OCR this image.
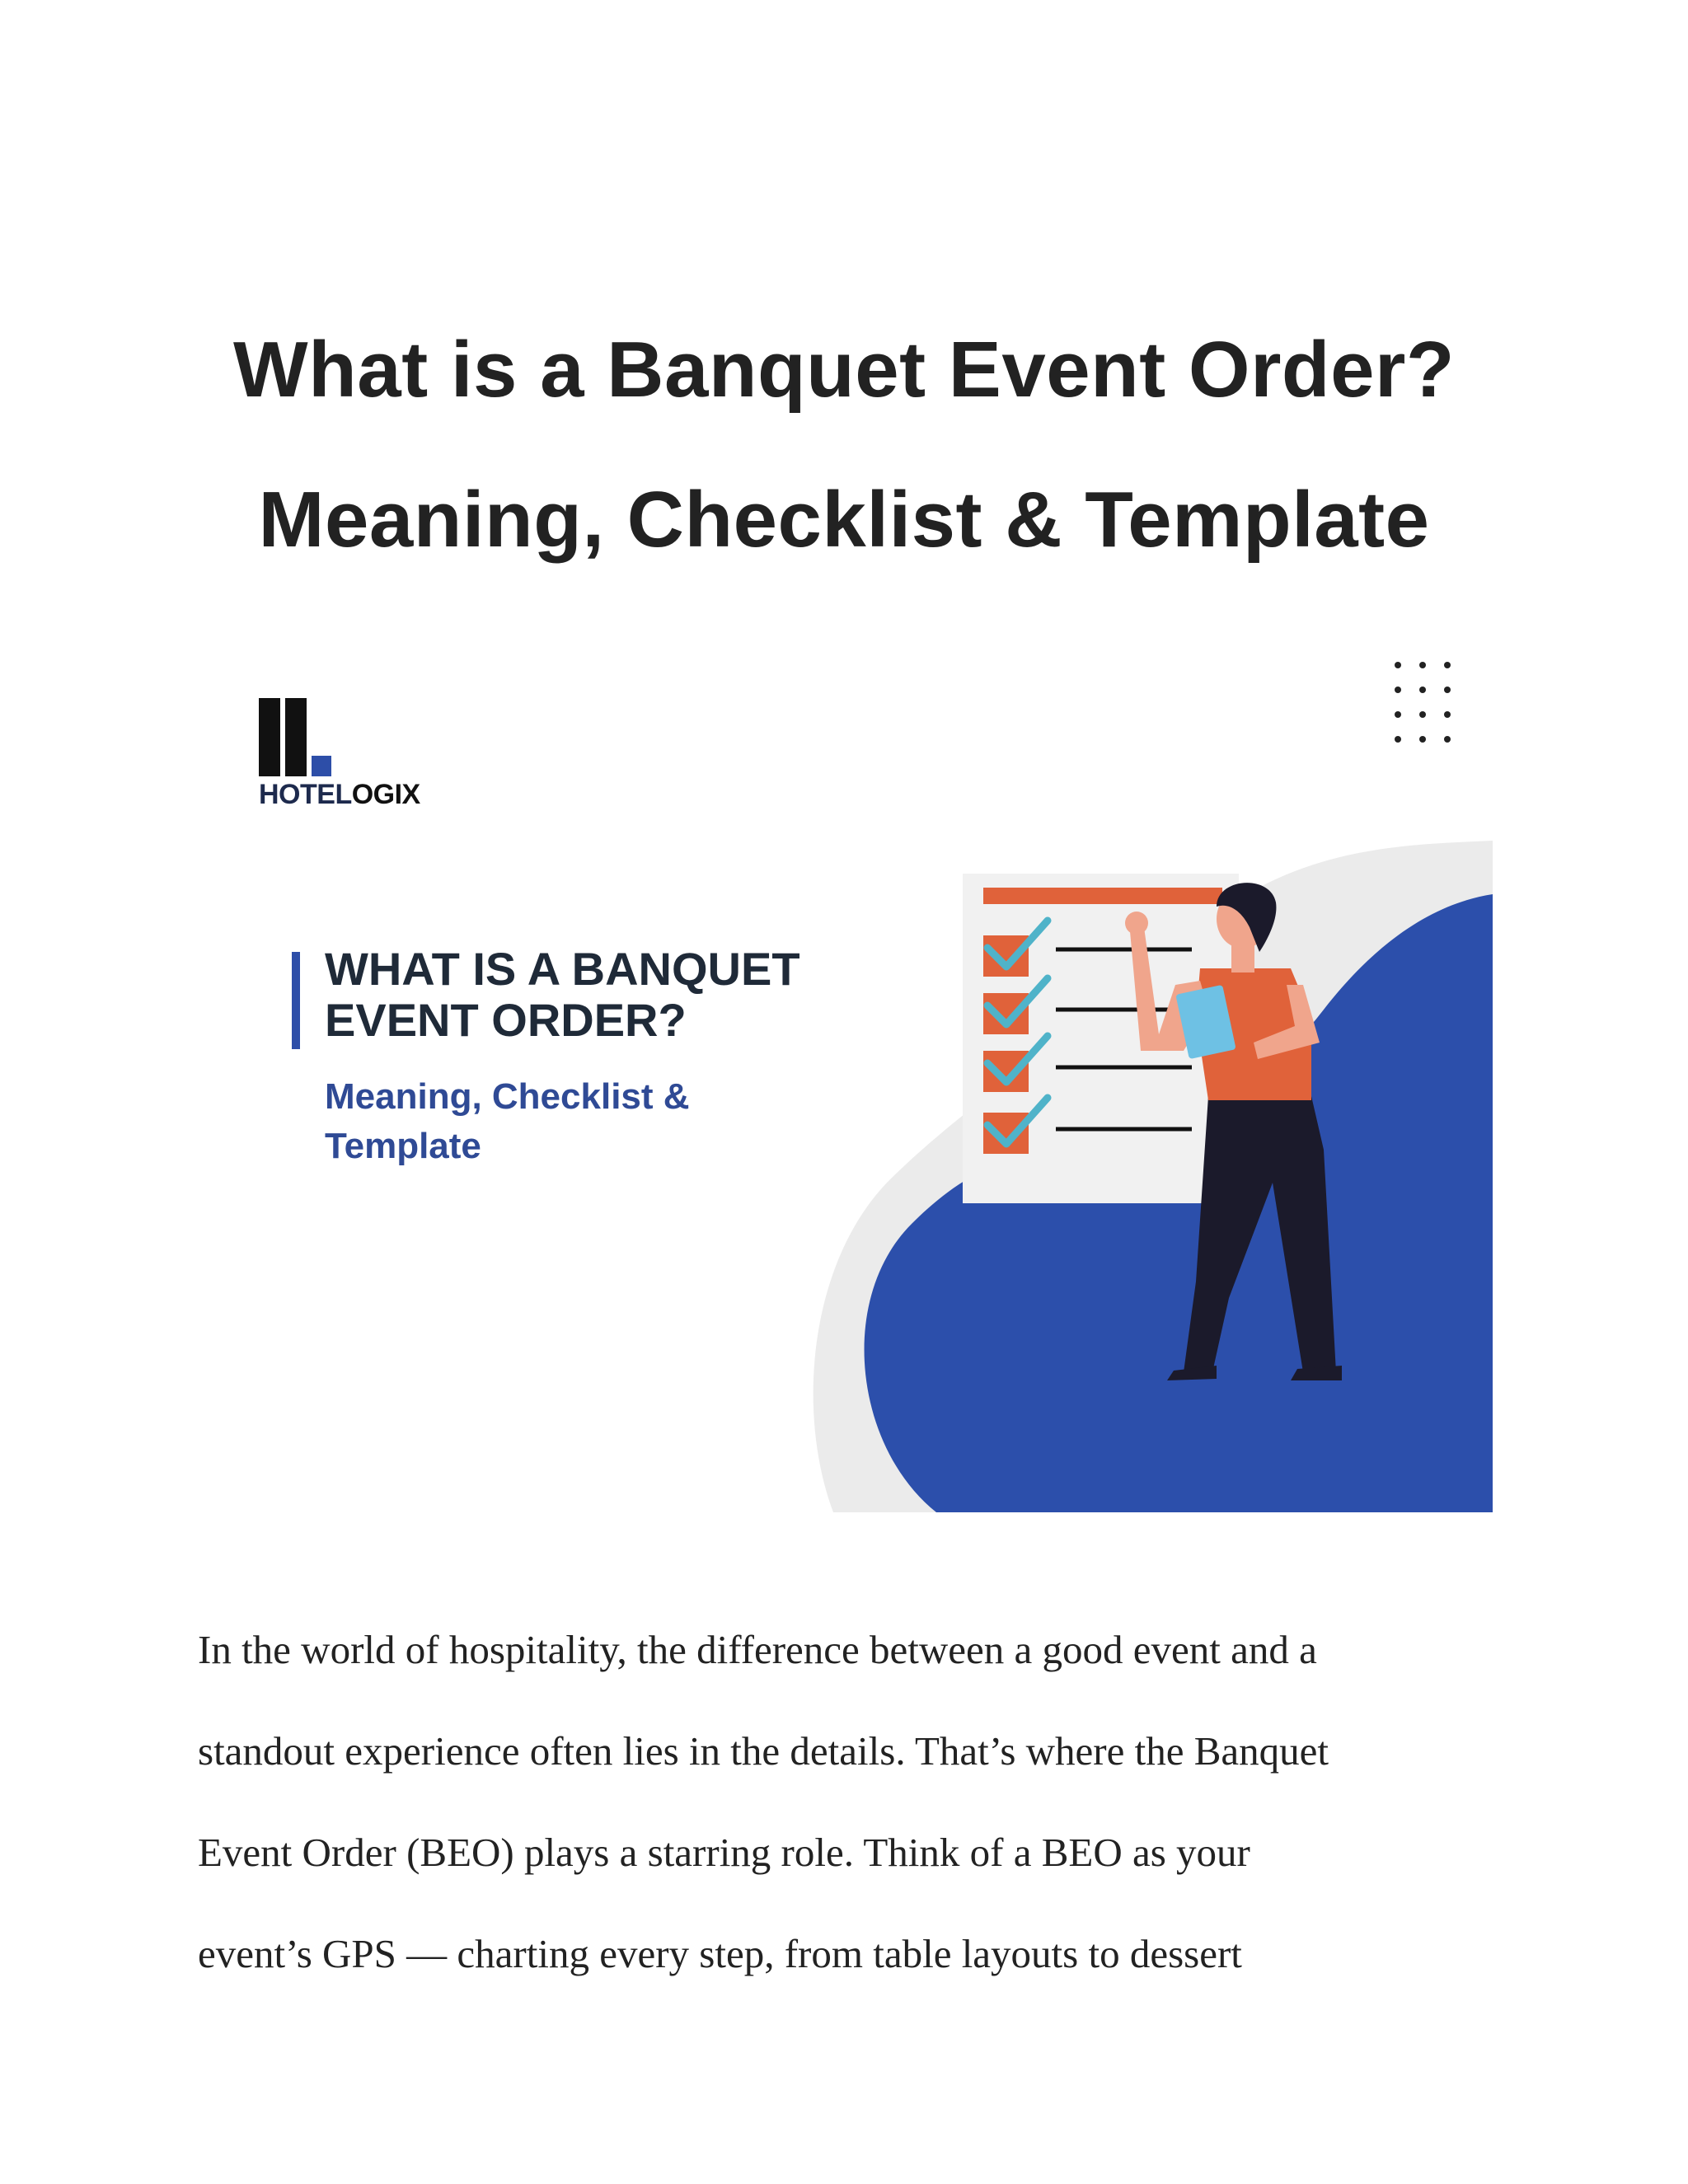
What is a Banquet Event Order?
Meaning, Checklist & Template
HOTELOGIX
WHAT IS A BANQUET
EVENT ORDER?
Meaning, Checklist &
Template
In the world of hospitality, the difference between a good event and a
standout experience often lies in the details. That’s where the Banquet
Event Order (BEO) plays a starring role. Think of a BEO as your
event’s GPS — charting every step, from table layouts to dessert
